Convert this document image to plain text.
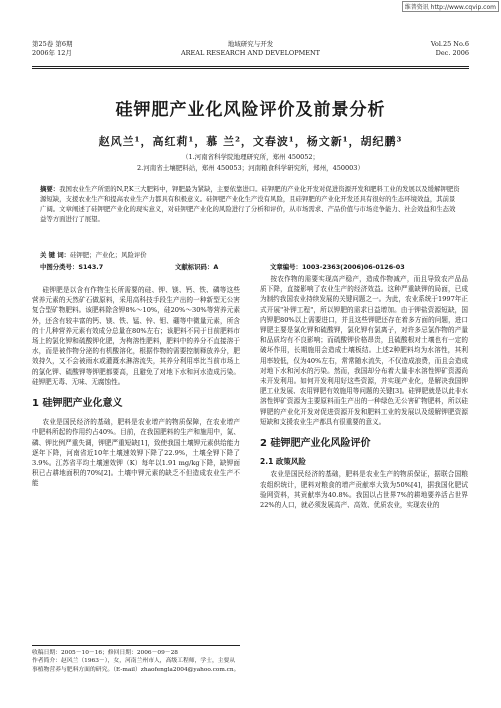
维普资讯 http://www.cqvip.com
第25卷 第6期
2006年 12月
地域研究与开发
AREAL RESEARCH AND DEVELOPMENT
Vol.25 No.6
Dec. 2006
硅钾肥产业化风险评价及前景分析
赵风兰¹，高红莉¹，慕 兰²，文春波¹，杨文新¹，胡纪鹏³
（1.河南省科学院地理研究所，郑州 450052；
2.河南省土壤肥料站，郑州 450053；河南粮食科学研究所，郑州，450003）
摘要：我国农业生产所需的N,P,K三大肥料中，钾肥最为紧缺，主要依靠进口。硅钾肥的产业化开发对促进资源开发和肥料工业的发展以及缓解钾肥资源短缺，支援农业生产和提高农业生产力都具有积极意义。硅钾肥产业化生产没有风险，且硅钾肥的产业化开发还具有很好的生态环境效益，其前景广阔。文章阐述了硅钾肥产业化的现实意义，对硅钾肥产业化的风险进行了分析和评价，从市场需求、产品价值与市场竞争能力、社会效益和生态效益等方面进行了展望。
关 键 词：硅钾肥；产业化；风险评价
中图分类号：S143.7	文献标识码：A	文章编号：1003-2363(2006)06-0126-03

硅钾肥是以含有作物生长所需要的硅、钾、镁、钙、铁、磷等这些营养元素的天然矿石做原料，采用高科技手段生产出的一种新型无公害复合型矿物肥料。该肥料除含钾8%～10%，硅20%～30%等营养元素外，还含有较丰富的钙、镁、铁、锰、锌、钼、硼等中微量元素，所含的十几种营养元素有效成分总量在80%左右；该肥料不同于目前肥料市场上的氯化钾和硫酸钾化肥，为枸溶性肥料，肥料中的养分不直接溶于水，而是被作物分泌的有机酸溶化，根据作物的需要控制释放养分，肥效持久，又不会被雨水或灌溉水淋溶流失，其养分利用率比当前市场上的氯化钾、硫酸钾等钾肥都要高，且避免了对地下水和河水造成污染。硅钾肥无毒、无味、无腐蚀性。

1 硅钾肥产业化意义

农业是国民经济的基础，肥料是农业增产的物质保障，在农业增产中肥料所起的作用约占40%。目前，在我国肥料的生产和施用中，氮、磷、钾比例严重失调，钾肥严重短缺[1]，致使我国土壤钾元素供给能力逐年下降，河南省近10年土壤速效钾下降了22.9%，土壤全钾下降了3.9%。江苏省平均土壤速效钾（K）每年以1.91 mg/kg下降，缺钾面积已占耕地面积的70%[2]。土壤中钾元素的缺乏不但造成农业生产不能

按农作物的需要实现高产稳产，造成作物减产，而且导致农产品品质下降，直接影响了农业生产的经济效益。这种严重缺钾的局面，已成为制约我国农业持续发展的关键问题之一。为此，农业系统于1997年正式开展"补钾工程"，所以钾肥的需求日益增加。由于钾盐资源短缺，国内钾肥80%以上需要进口，并且这些钾肥还存在着多方面的问题，进口钾肥主要是氯化钾和硫酸钾，氯化钾有氯离子，对许多忌氯作物的产量和品质均有不良影响；而硫酸钾价格昂贵，且硫酸根对土壤也有一定的破坏作用，长期施用会造成土壤板结。上述2种肥料均为水溶性，其利用率较低，仅为40%左右，常常随水流失，不仅造成浪费，而且会造成对地下水和河水的污染。然而，我国却分布着大量非水溶性钾矿资源尚未开发利用。如何开发利用好这些资源，并实现产业化，是解决我国钾肥工业发展、农用钾肥有效施用等问题的关键[3]。硅钾肥就是以此非水溶性钾矿资源为主要原料而生产出的一种绿色无公害矿物肥料，所以硅钾肥的产业化开发对促进资源开发和肥料工业的发展以及缓解钾肥资源短缺和支援农业生产都具有很重要的意义。

2 硅钾肥产业化风险评价
2.1 政策风险

农业是国民经济的基础，肥料是农业生产的物质保证，据联合国粮农组织统计，肥料对粮食的增产贡献率大致为50%[4]，据我国化肥试验网资料，其贡献率为40.8%。我国以占世界7%的耕地要养活占世界22%的人口，就必须发展高产、高效、优质农业，实现农业的

收稿日期：2005－10－16；修回日期：2006－09－28
作者简介：赵风兰（1963－），女，河南兰州市人，高级工程师，学士，主要从事植物营养与肥料方面的研究。（E-mail）zhaofengla2004@yahoo.com.cn。
